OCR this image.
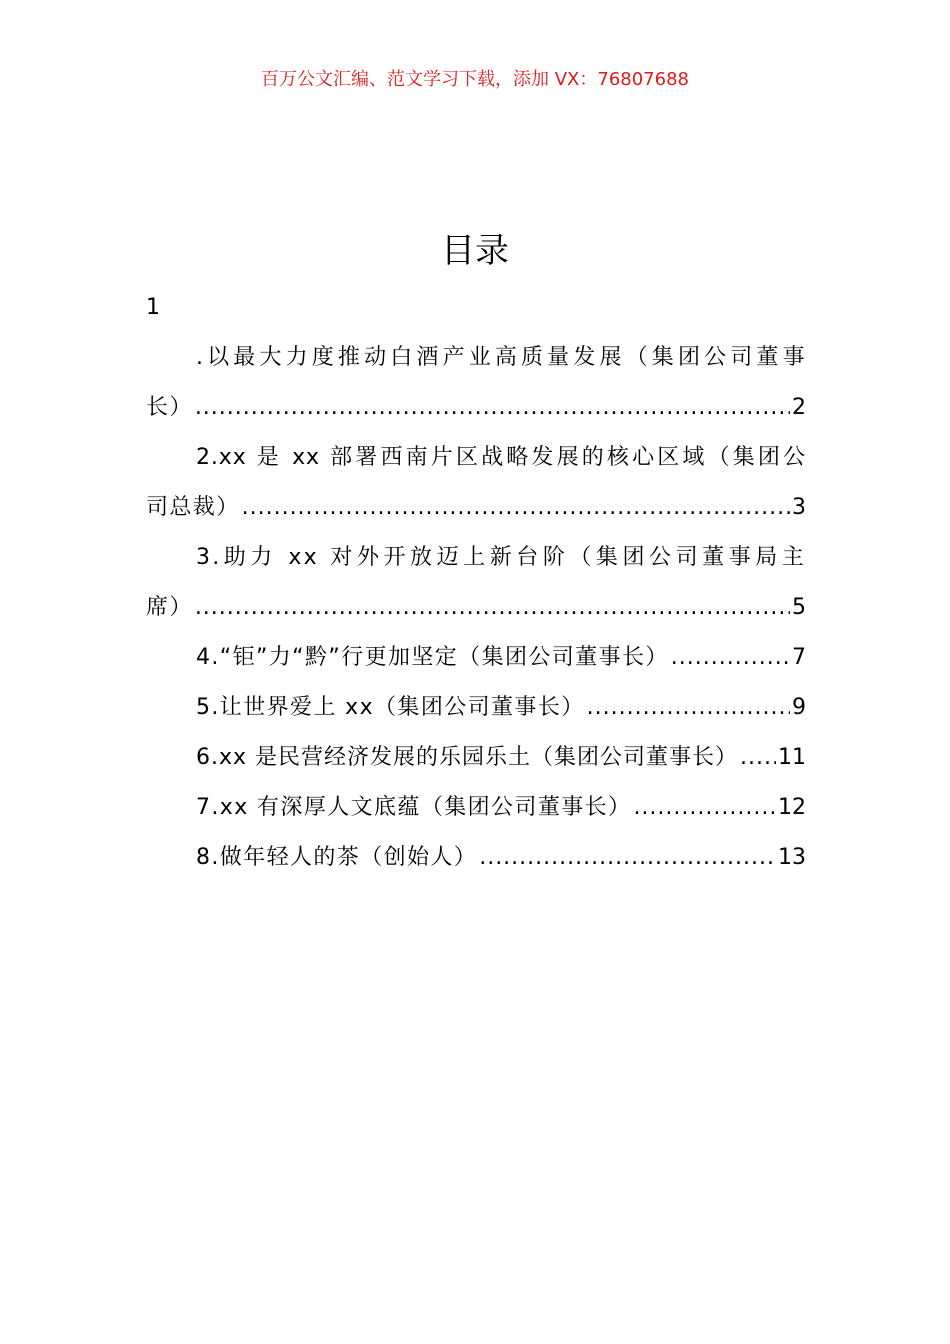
百万公文汇编、范文学习下载，添加 VX：76807688
目录
1
.以最大力度推动白酒产业高质量发展（集团公司董事
长） .....	2
2.xx 是 xx 部署西南片区战略发展的核心区域（集团公
司总裁） .....	3
3.助力 xx 对外开放迈上新台阶（集团公司董事局主
席） .....	5
4.“钜”力“黔”行更加坚定（集团公司董事长） .....	7
5.让世界爱上 xx（集团公司董事长） .....	9
6.xx 是民营经济发展的乐园乐土（集团公司董事长） ..... 11
7.xx 有深厚人文底蕴（集团公司董事长） .....	12
8.做年轻人的茶（创始人） .....	13
